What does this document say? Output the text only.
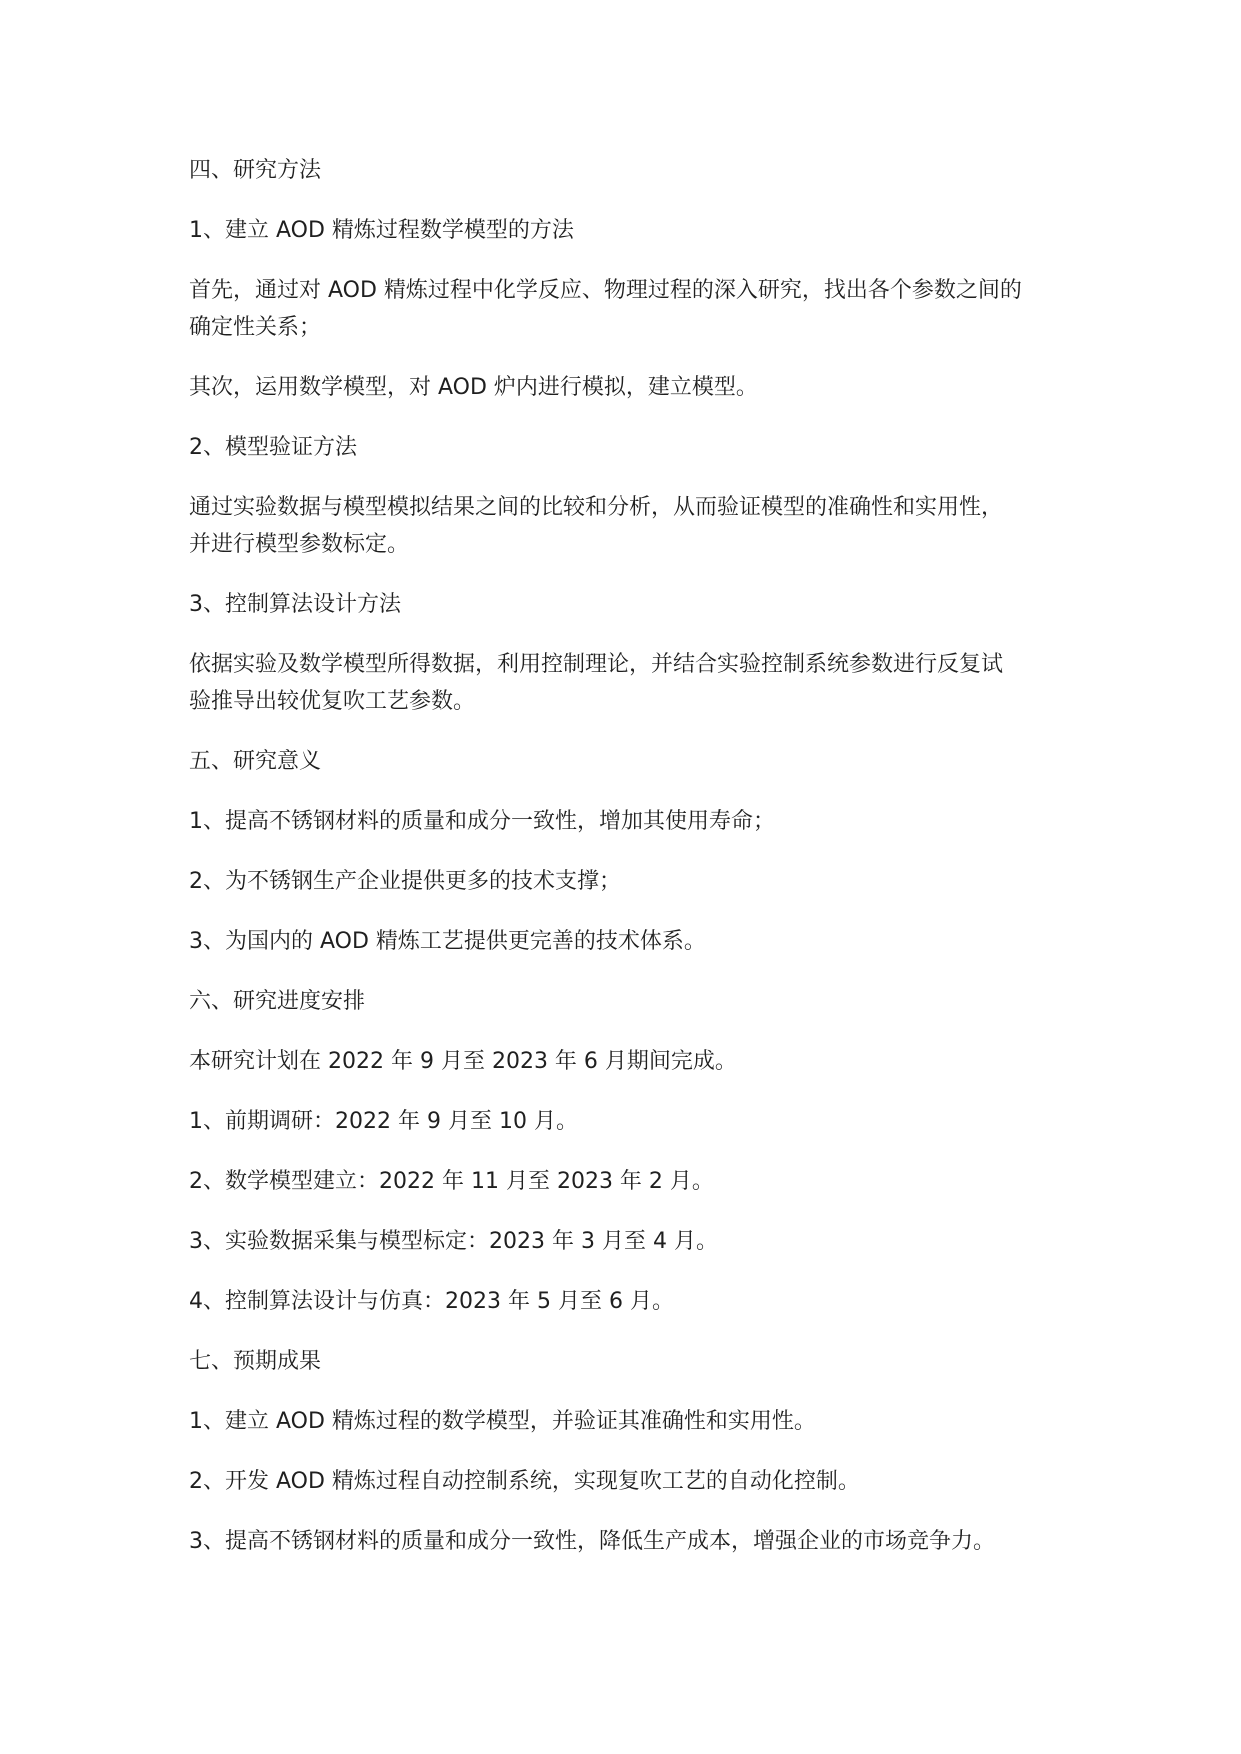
四、研究方法

1、建立 AOD 精炼过程数学模型的方法

首先，通过对 AOD 精炼过程中化学反应、物理过程的深入研究，找出各个参数之间的
确定性关系；

其次，运用数学模型，对 AOD 炉内进行模拟，建立模型。

2、模型验证方法

通过实验数据与模型模拟结果之间的比较和分析，从而验证模型的准确性和实用性，
并进行模型参数标定。

3、控制算法设计方法

依据实验及数学模型所得数据，利用控制理论，并结合实验控制系统参数进行反复试
验推导出较优复吹工艺参数。

五、研究意义

1、提高不锈钢材料的质量和成分一致性，增加其使用寿命；

2、为不锈钢生产企业提供更多的技术支撑；

3、为国内的 AOD 精炼工艺提供更完善的技术体系。

六、研究进度安排

本研究计划在 2022 年 9 月至 2023 年 6 月期间完成。

1、前期调研：2022 年 9 月至 10 月。

2、数学模型建立：2022 年 11 月至 2023 年 2 月。

3、实验数据采集与模型标定：2023 年 3 月至 4 月。

4、控制算法设计与仿真：2023 年 5 月至 6 月。

七、预期成果

1、建立 AOD 精炼过程的数学模型，并验证其准确性和实用性。

2、开发 AOD 精炼过程自动控制系统，实现复吹工艺的自动化控制。

3、提高不锈钢材料的质量和成分一致性，降低生产成本，增强企业的市场竞争力。
